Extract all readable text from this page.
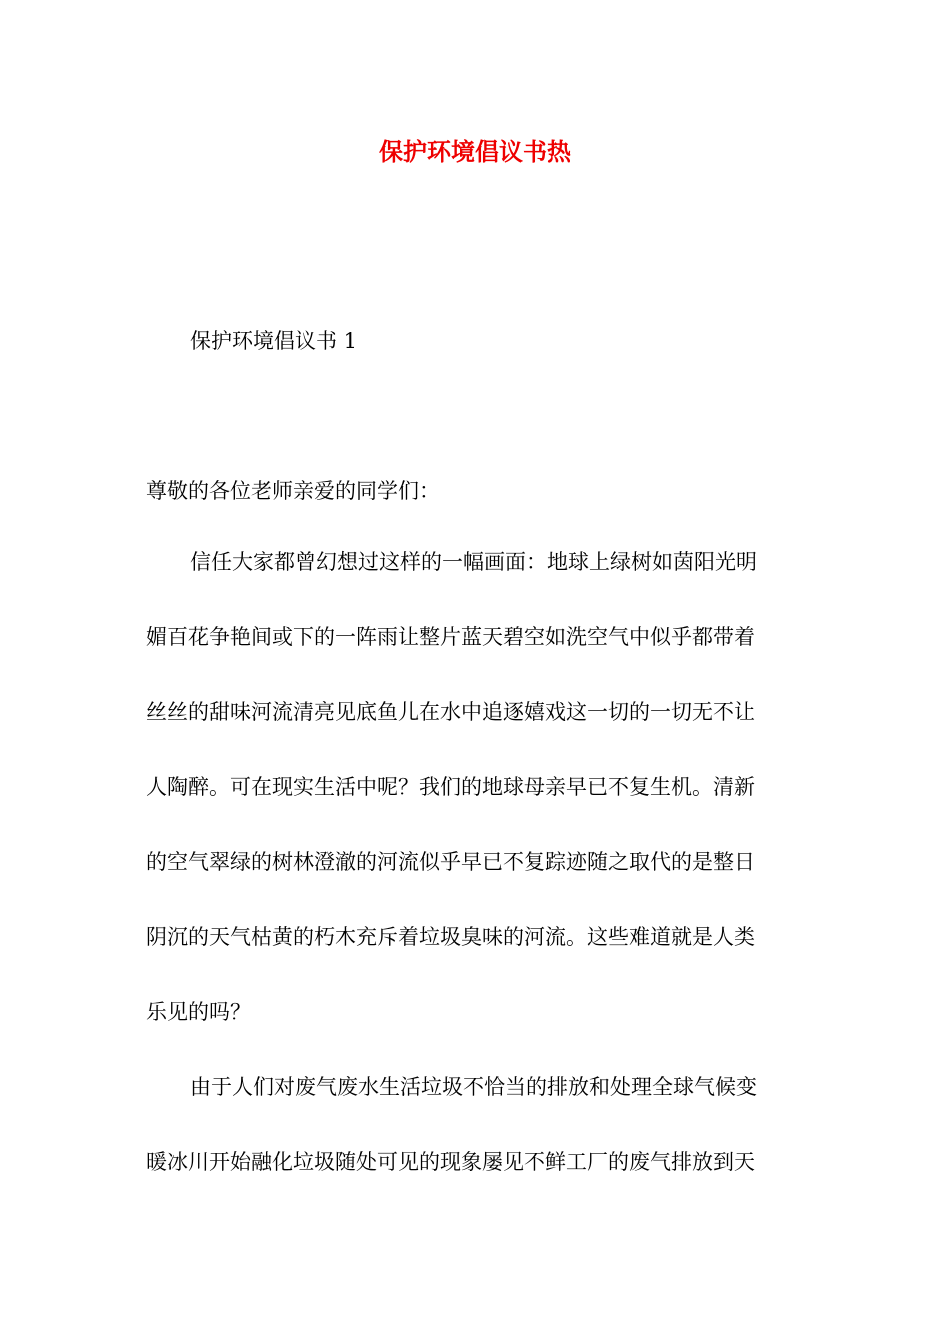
保护环境倡议书热

保护环境倡议书 1

尊敬的各位老师亲爱的同学们：

信任大家都曾幻想过这样的一幅画面：地球上绿树如茵阳光明
媚百花争艳间或下的一阵雨让整片蓝天碧空如洗空气中似乎都带着
丝丝的甜味河流清亮见底鱼儿在水中追逐嬉戏这一切的一切无不让
人陶醉。可在现实生活中呢？我们的地球母亲早已不复生机。清新
的空气翠绿的树林澄澈的河流似乎早已不复踪迹随之取代的是整日
阴沉的天气枯黄的朽木充斥着垃圾臭味的河流。这些难道就是人类
乐见的吗？
由于人们对废气废水生活垃圾不恰当的排放和处理全球气候变
暖冰川开始融化垃圾随处可见的现象屡见不鲜工厂的废气排放到天
